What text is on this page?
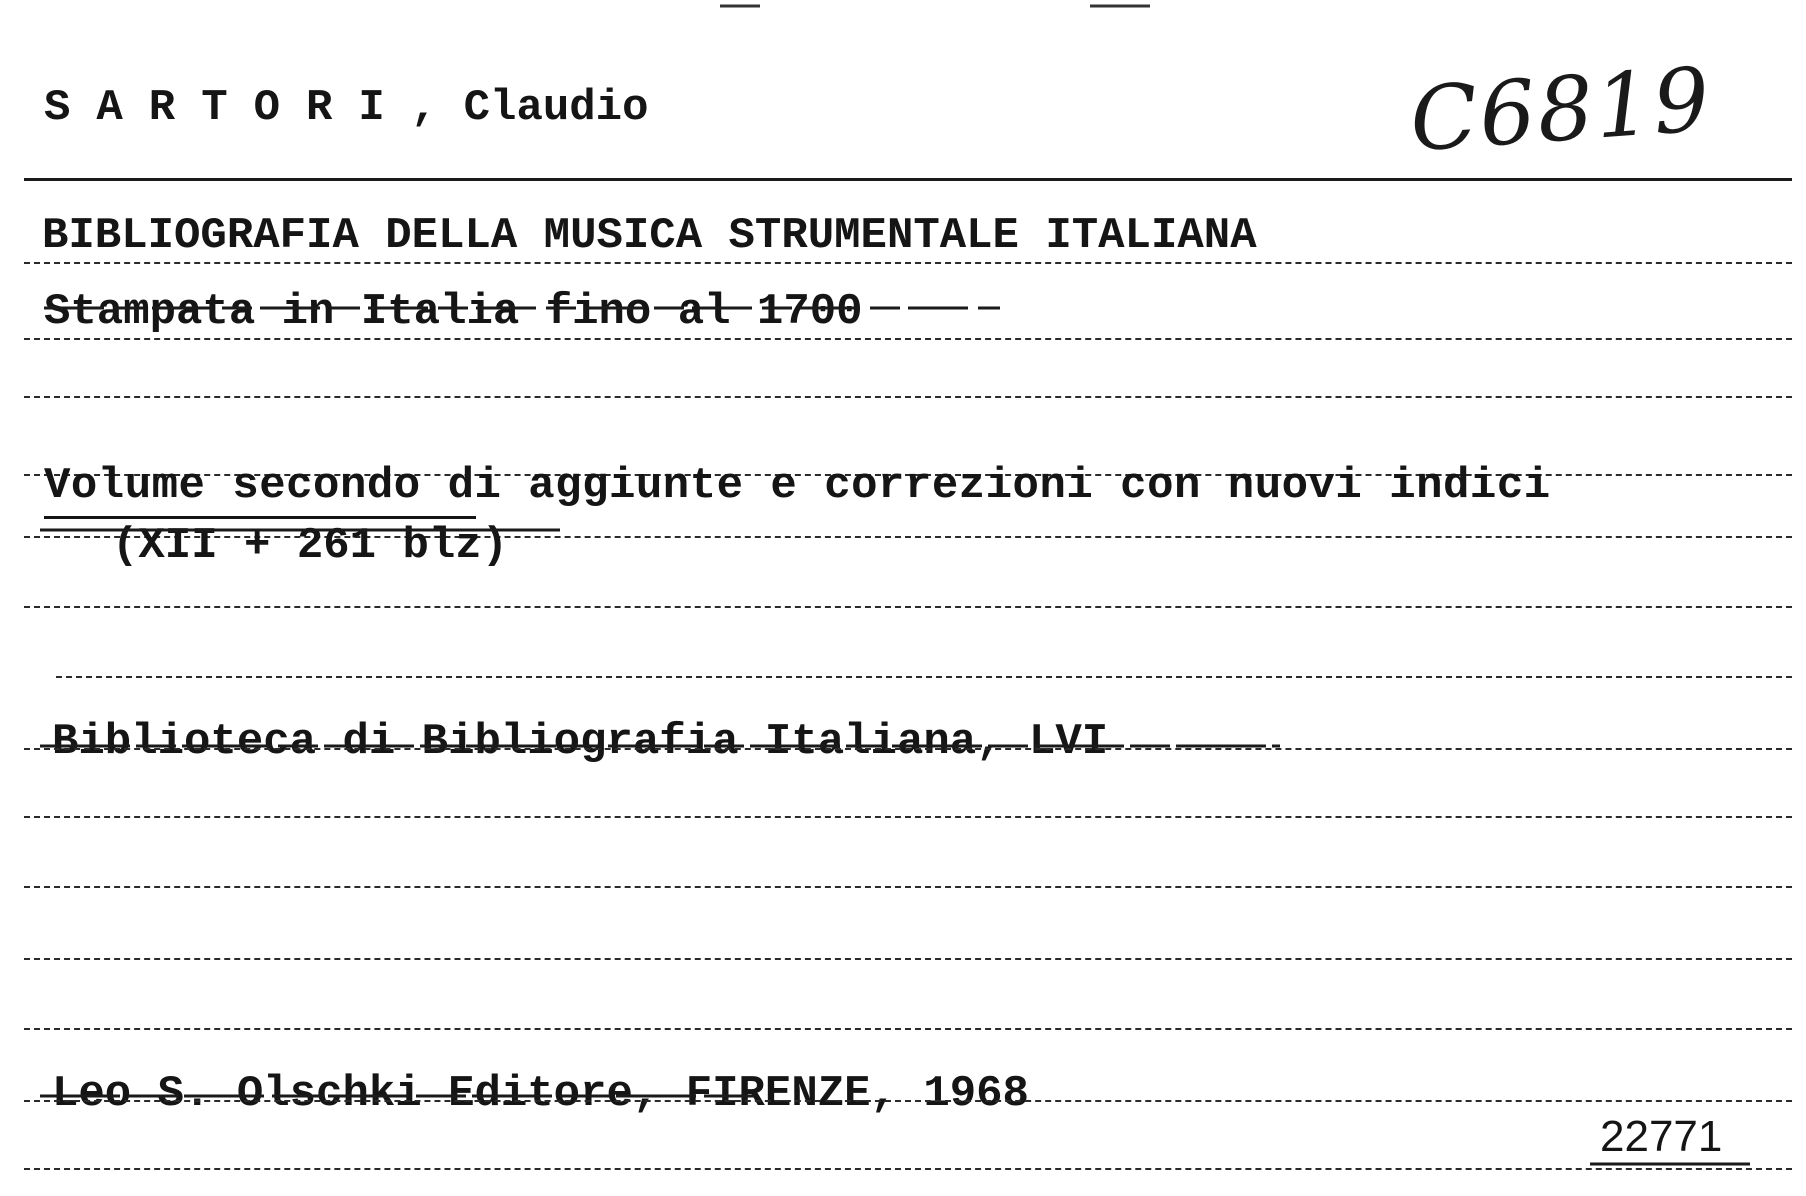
SARTORI, Claudio	C6819
BIBLIOGRAFIA DELLA MUSICA STRUMENTALE ITALIANA
Stampata in Italia fino al 1700
Volume secondo di aggiunte e correzioni con nuovi indici
(XII + 261 blz)
Biblioteca di Bibliografia Italiana, LVI
Leo S. Olschki Editore, FIRENZE, 1968
22771
